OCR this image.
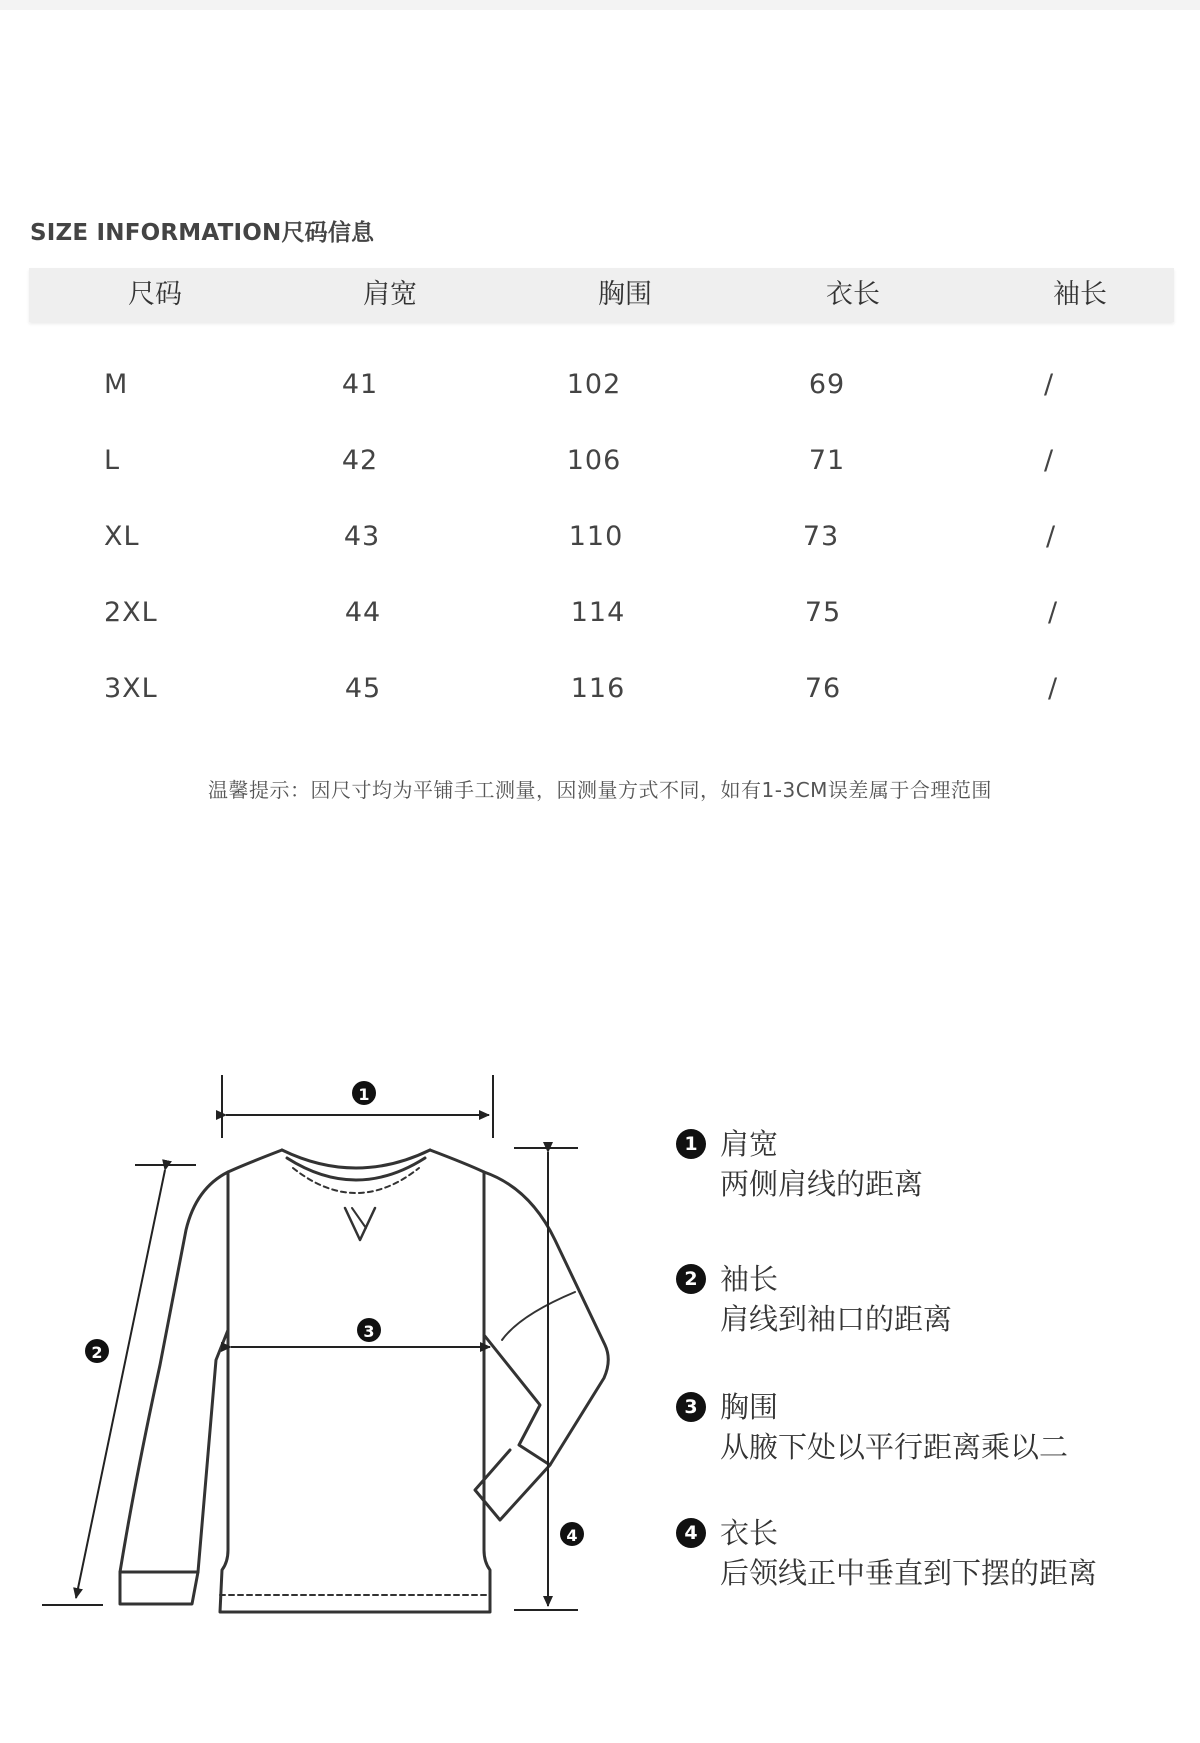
SIZE INFORMATION尺码信息
尺码	肩宽	胸围	衣长	袖长
M	41	102	69	/
L	42	106	71	/
XL	43	110	73	/
2XL	44	114	75	/
3XL	45	116	76	/
温馨提示：因尺寸均为平铺手工测量，因测量方式不同，如有1-3CM误差属于合理范围
1
2
3
4
1 肩宽
两侧肩线的距离
2 袖长
肩线到袖口的距离
3 胸围
从腋下处以平行距离乘以二
4 衣长
后领线正中垂直到下摆的距离
